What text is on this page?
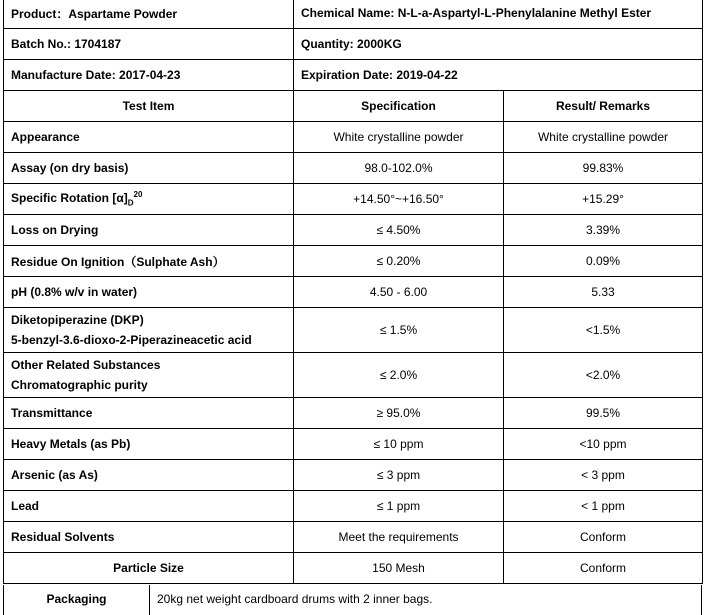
Product：Aspartame Powder	Chemical Name: N-L-a-Aspartyl-L-Phenylalanine Methyl Ester	
Batch No.: 1704187	Quantity: 2000KG	
Manufacture Date: 2017-04-23	Expiration Date: 2019-04-22	
Test Item	Specification	Result/ Remarks
Appearance	White crystalline powder	White crystalline powder
Assay (on dry basis)	98.0-102.0%	99.83%
Specific Rotation $[\alpha]_D^{20}$	+14.50°~+16.50°	+15.29°
Loss on Drying	≤ 4.50%	3.39%
Residue On Ignition（Sulphate Ash）	≤ 0.20%	0.09%
pH (0.8% w/v in water)	4.50 - 6.00	5.33

Diketopiperazine (DKP)
5-benzyl-3.6-dioxo-2-Piperazineacetic acid	≤ 1.5%	<1.5%

Other Related Substances
Chromatographic purity	≤ 2.0%	<2.0%
Transmittance	≥ 95.0%	99.5%
Heavy Metals (as Pb)	≤ 10 ppm	<10 ppm
Arsenic (as As)	≤ 3 ppm	< 3 ppm
Lead	≤ 1 ppm	< 1 ppm
Residual Solvents	Meet the requirements	Conform
Particle Size	150 Mesh	Conform
Packaging	20kg net weight cardboard drums with 2 inner bags.
